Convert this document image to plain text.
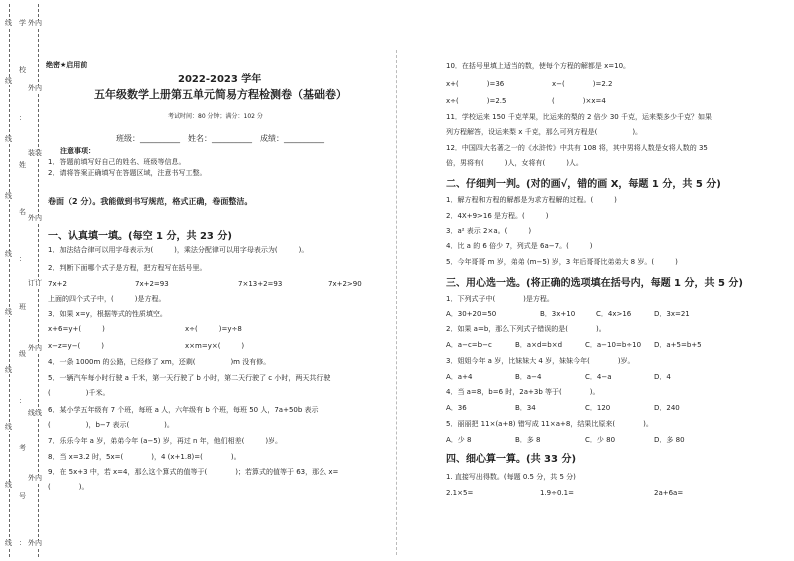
线
线
线
线
线
线
线
线
线
线
学
校
：
姓
名
：
班
级
：
考
号
：
外
外
装
外
订
外
线
外
外
内
内
装
内
订
内
线
内
内
绝密★启用前
2022-2023 学年
五年级数学上册第五单元简易方程检测卷（基础卷）
考试时间：80 分钟；满分：102 分
班级：__________　姓名：__________　成绩：__________
注意事项：
1．答题前填写好自己的姓名、班级等信息。
2．请将答案正确填写在答题区域，注意书写工整。
卷面（2 分）。我能做到书写规范，格式正确，卷面整洁。
一、认真填一填。(每空 1 分，共 23 分)
1．加法结合律可以用字母表示为(　　　)，乘法分配律可以用字母表示为(　　　)。
2．判断下面哪个式子是方程，把方程写在括号里。
7x+2	7x+2=93	7×13+2=93	7x+2>90
上面的四个式子中，(　　　)是方程。
3．如果 x=y，根据等式的性质填空。
x+6=y+(　　　)	x÷(　　　)=y÷8
x−z=y−(　　　)	x×m=y×(　　　)
4．一条 1000m 的公路，已经修了 xm，还剩(　　　　　)m 没有修。
5．一辆汽车每小时行驶 a 千米，第一天行驶了 b 小时，第二天行驶了 c 小时，两天共行驶
(　　　　　)千米。
6．某小学五年级有 7 个班，每班 a 人，六年级有 b 个班，每班 50 人，7a+50b 表示
(　　　　　)，b−7 表示(　　　　　)。
7．乐乐今年 a 岁，弟弟今年 (a−5) 岁，再过 n 年，他们相差(　　　)岁。
8．当 x=3.2 时，5x=(　　　　)，4 (x+1.8)=(　　　　)。
9．在 5x+3 中，若 x=4，那么这个算式的值等于(　　　　)；若算式的值等于 63，那么 x=
(　　　　)。
10．在括号里填上适当的数，使每个方程的解都是 x=10。
x+(　　　　)=36	x−(　　　　)=2.2
x÷(　　　　)=2.5	(　　　　)×x=4
11．学校运来 150 千克苹果，比运来的梨的 2 倍少 30 千克，运来梨多少千克？如果
列方程解答，设运来梨 x 千克，那么可列方程是(　　　　　)。
12．中国四大名著之一的《水浒传》中共有 108 将，其中男将人数是女将人数的 35
倍，男将有(　　　)人，女将有(　　　)人。
二、仔细判一判。(对的画√，错的画 X，每题 1 分，共 5 分)
1．解方程和方程的解都是为求方程解的过程。(　　　)
2．4X+9>16 是方程。(　　　)
3．a² 表示 2×a。(　　　)
4．比 a 的 6 倍少 7，列式是 6a−7。(　　　)
5．今年哥哥 m 岁，弟弟 (m−5) 岁，3 年后哥哥比弟弟大 8 岁。(　　　)
三、用心选一选。(将正确的选项填在括号内，每题 1 分，共 5 分)
1．下列式子中(　　　　)是方程。
A．30+20=50	B．3x+10	C．4x>16	D．3x=21
2．如果 a=b，那么下列式子错误的是(　　　　)。
A．a−c=b−c	B．a×d=b×d	C．a−10=b÷10 D．a+5=b+5
3．姐姐今年 a 岁，比妹妹大 4 岁，妹妹今年(　　　　)岁。
A．a+4	B．a−4	C．4−a	D．4
4．当 a=8，b=6 时，2a+3b 等于(　　　　)。
A．36	B．34	C．120	D．240
5．丽丽把 11×(a+8) 错写成 11×a+8，结果比原来(　　　　)。
A．少 8	B．多 8	C．少 80	D．多 80
四、细心算一算。(共 33 分)
1. 直接写出得数。(每题 0.5 分，共 5 分)
2.1×5=	1.9÷0.1=	2a+6a=
